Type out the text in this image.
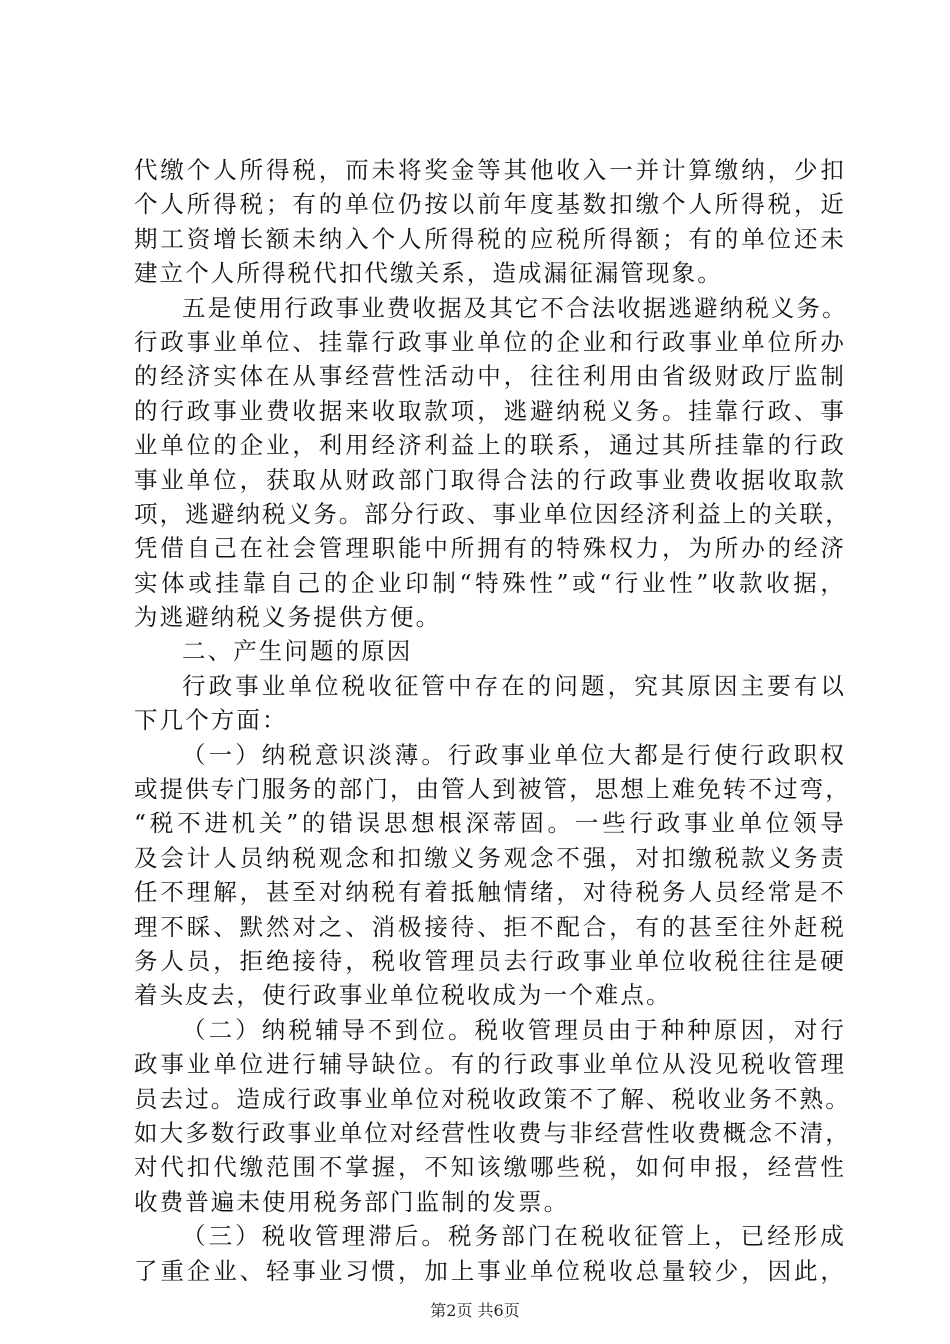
代缴个人所得税，而未将奖金等其他收入一并计算缴纳，少扣
个人所得税；有的单位仍按以前年度基数扣缴个人所得税，近
期工资增长额未纳入个人所得税的应税所得额；有的单位还未
建立个人所得税代扣代缴关系，造成漏征漏管现象。
五是使用行政事业费收据及其它不合法收据逃避纳税义务。
行政事业单位、挂靠行政事业单位的企业和行政事业单位所办
的经济实体在从事经营性活动中，往往利用由省级财政厅监制
的行政事业费收据来收取款项，逃避纳税义务。挂靠行政、事
业单位的企业，利用经济利益上的联系，通过其所挂靠的行政
事业单位，获取从财政部门取得合法的行政事业费收据收取款
项，逃避纳税义务。部分行政、事业单位因经济利益上的关联，
凭借自己在社会管理职能中所拥有的特殊权力，为所办的经济
实体或挂靠自己的企业印制“特殊性”或“行业性”收款收据，
为逃避纳税义务提供方便。
二、产生问题的原因
行政事业单位税收征管中存在的问题，究其原因主要有以
下几个方面：
（一）纳税意识淡薄。行政事业单位大都是行使行政职权
或提供专门服务的部门，由管人到被管，思想上难免转不过弯，
“税不进机关”的错误思想根深蒂固。一些行政事业单位领导
及会计人员纳税观念和扣缴义务观念不强，对扣缴税款义务责
任不理解，甚至对纳税有着抵触情绪，对待税务人员经常是不
理不睬、默然对之、消极接待、拒不配合，有的甚至往外赶税
务人员，拒绝接待，税收管理员去行政事业单位收税往往是硬
着头皮去，使行政事业单位税收成为一个难点。
（二）纳税辅导不到位。税收管理员由于种种原因，对行
政事业单位进行辅导缺位。有的行政事业单位从没见税收管理
员去过。造成行政事业单位对税收政策不了解、税收业务不熟。
如大多数行政事业单位对经营性收费与非经营性收费概念不清，
对代扣代缴范围不掌握，不知该缴哪些税，如何申报，经营性
收费普遍未使用税务部门监制的发票。
（三）税收管理滞后。税务部门在税收征管上，已经形成
了重企业、轻事业习惯，加上事业单位税收总量较少，因此，
第2页 共6页
